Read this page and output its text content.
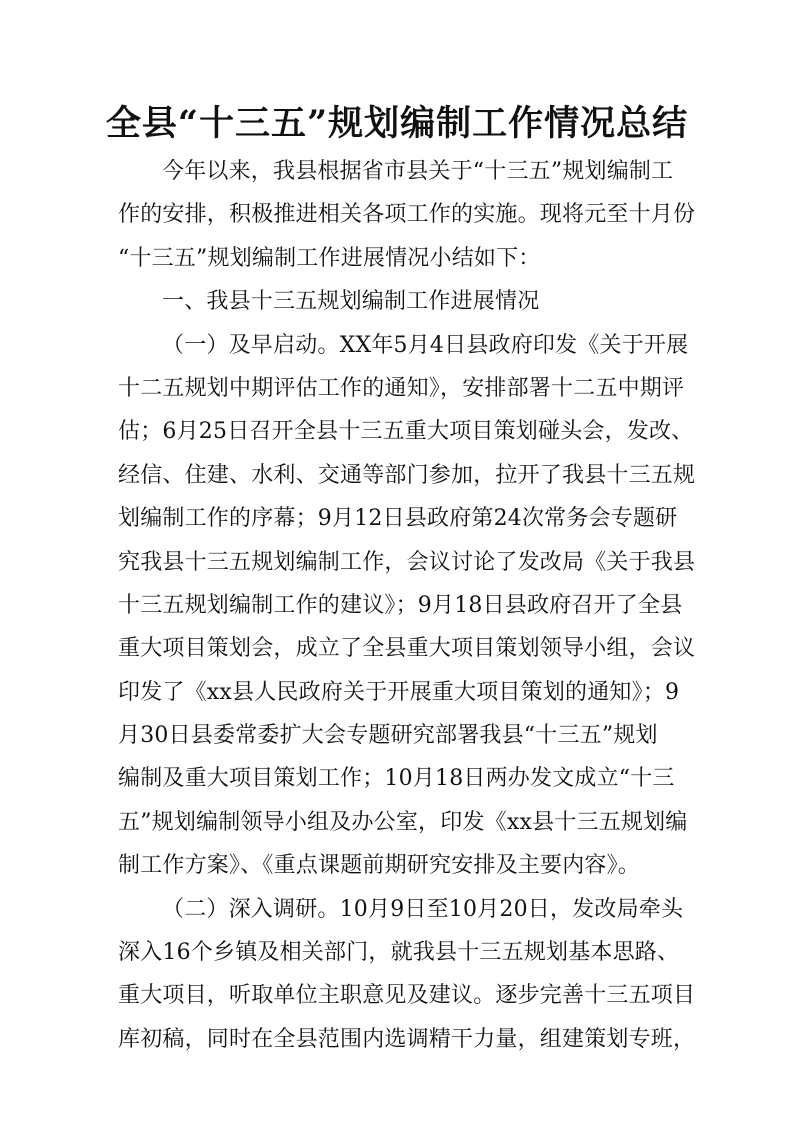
全县“十三五”规划编制工作情况总结
今年以来，我县根据省市县关于“十三五”规划编制工
作的安排，积极推进相关各项工作的实施。现将元至十月份
“十三五”规划编制工作进展情况小结如下：
一、我县十三五规划编制工作进展情况
（一）及早启动。XX年5月4日县政府印发《关于开展
十二五规划中期评估工作的通知》，安排部署十二五中期评
估；6月25日召开全县十三五重大项目策划碰头会，发改、
经信、住建、水利、交通等部门参加，拉开了我县十三五规
划编制工作的序幕；9月12日县政府第24次常务会专题研
究我县十三五规划编制工作，会议讨论了发改局《关于我县
十三五规划编制工作的建议》；9月18日县政府召开了全县
重大项目策划会，成立了全县重大项目策划领导小组，会议
印发了《xx县人民政府关于开展重大项目策划的通知》；9
月30日县委常委扩大会专题研究部署我县“十三五”规划
编制及重大项目策划工作；10月18日两办发文成立“十三
五”规划编制领导小组及办公室，印发《xx县十三五规划编
制工作方案》、《重点课题前期研究安排及主要内容》。
（二）深入调研。10月9日至10月20日，发改局牵头
深入16个乡镇及相关部门，就我县十三五规划基本思路、
重大项目，听取单位主职意见及建议。逐步完善十三五项目
库初稿，同时在全县范围内选调精干力量，组建策划专班，
